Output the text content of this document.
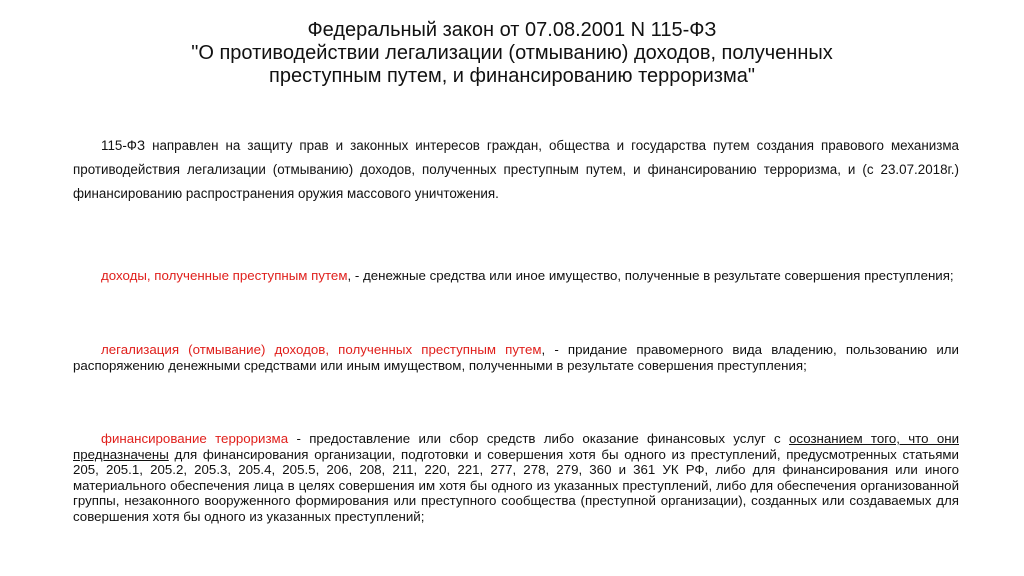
Федеральный закон от 07.08.2001 N 115-ФЗ
"О противодействии легализации (отмыванию) доходов, полученных
преступным путем, и финансированию терроризма"

115-ФЗ направлен на защиту прав и законных интересов граждан, общества и государства путем создания правового механизма противодействия легализации (отмыванию) доходов, полученных преступным путем, и финансированию терроризма, и (с 23.07.2018г.) финансированию распространения оружия массового уничтожения.

доходы, полученные преступным путем, - денежные средства или иное имущество, полученные в результате совершения преступления;

легализация (отмывание) доходов, полученных преступным путем, - придание правомерного вида владению, пользованию или распоряжению денежными средствами или иным имуществом, полученными в результате совершения преступления;

финансирование терроризма - предоставление или сбор средств либо оказание финансовых услуг с осознанием того, что они предназначены для финансирования организации, подготовки и совершения хотя бы одного из преступлений, предусмотренных статьями 205, 205.1, 205.2, 205.3, 205.4, 205.5, 206, 208, 211, 220, 221, 277, 278, 279, 360 и 361 УК РФ, либо для финансирования или иного материального обеспечения лица в целях совершения им хотя бы одного из указанных преступлений, либо для обеспечения организованной группы, незаконного вооруженного формирования или преступного сообщества (преступной организации), созданных или создаваемых для совершения хотя бы одного из указанных преступлений;
